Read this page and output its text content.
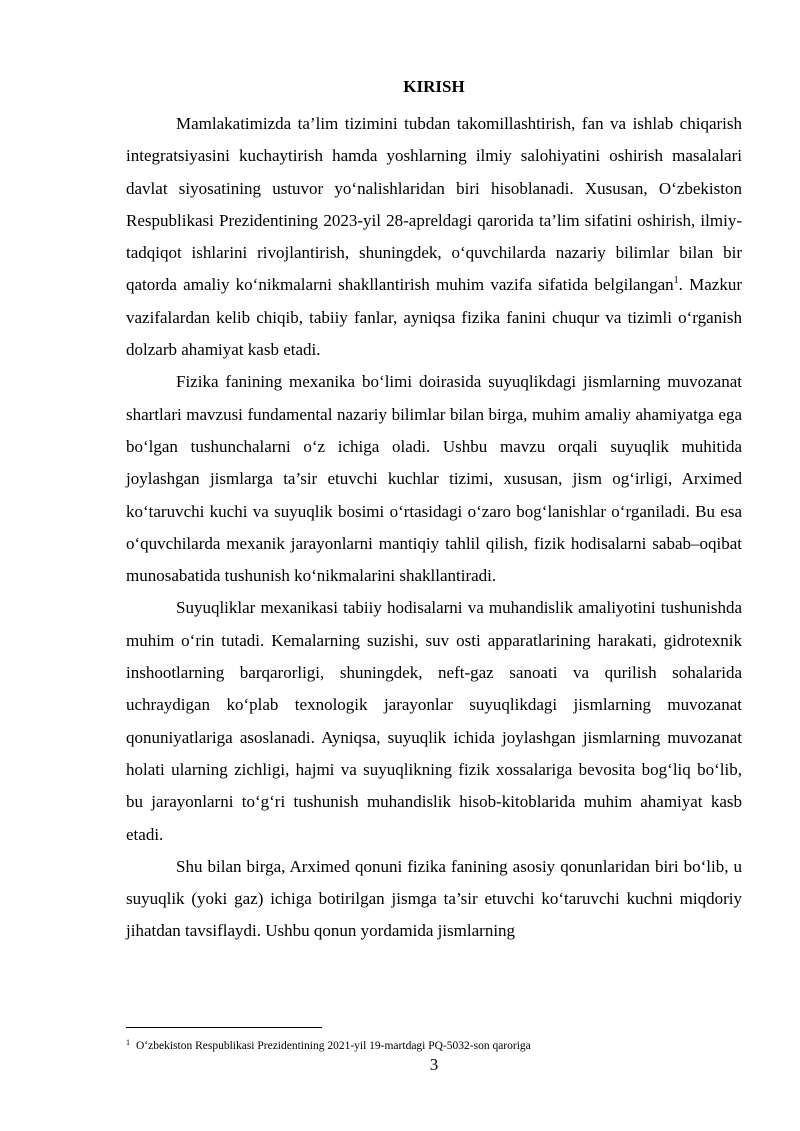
KIRISH

Mamlakatimizda ta’lim tizimini tubdan takomillashtirish, fan va ishlab chiqarish integratsiyasini kuchaytirish hamda yoshlarning ilmiy salohiyatini oshirish masalalari davlat siyosatining ustuvor yo‘nalishlaridan biri hisoblanadi. Xususan, O‘zbekiston Respublikasi Prezidentining 2023-yil 28-apreldagi qarorida ta’lim sifatini oshirish, ilmiy-tadqiqot ishlarini rivojlantirish, shuningdek, o‘quvchilarda nazariy bilimlar bilan bir qatorda amaliy ko‘nikmalarni shakllantirish muhim vazifa sifatida belgilangan$^1$. Mazkur vazifalardan kelib chiqib, tabiiy fanlar, ayniqsa fizika fanini chuqur va tizimli o‘rganish dolzarb ahamiyat kasb etadi.

Fizika fanining mexanika bo‘limi doirasida suyuqlikdagi jismlarning muvozanat shartlari mavzusi fundamental nazariy bilimlar bilan birga, muhim amaliy ahamiyatga ega bo‘lgan tushunchalarni o‘z ichiga oladi. Ushbu mavzu orqali suyuqlik muhitida joylashgan jismlarga ta’sir etuvchi kuchlar tizimi, xususan, jism og‘irligi, Arximed ko‘taruvchi kuchi va suyuqlik bosimi o‘rtasidagi o‘zaro bog‘lanishlar o‘rganiladi. Bu esa o‘quvchilarda mexanik jarayonlarni mantiqiy tahlil qilish, fizik hodisalarni sabab–oqibat munosabatida tushunish ko‘nikmalarini shakllantiradi.

Suyuqliklar mexanikasi tabiiy hodisalarni va muhandislik amaliyotini tushunishda muhim o‘rin tutadi. Kemalarning suzishi, suv osti apparatlarining harakati, gidrotexnik inshootlarning barqarorligi, shuningdek, neft-gaz sanoati va qurilish sohalarida uchraydigan ko‘plab texnologik jarayonlar suyuqlikdagi jismlarning muvozanat qonuniyatlariga asoslanadi. Ayniqsa, suyuqlik ichida joylashgan jismlarning muvozanat holati ularning zichligi, hajmi va suyuqlikning fizik xossalariga bevosita bog‘liq bo‘lib, bu jarayonlarni to‘g‘ri tushunish muhandislik hisob-kitoblarida muhim ahamiyat kasb etadi.

Shu bilan birga, Arximed qonuni fizika fanining asosiy qonunlaridan biri bo‘lib, u suyuqlik (yoki gaz) ichiga botirilgan jismga ta’sir etuvchi ko‘taruvchi kuchni miqdoriy jihatdan tavsiflaydi. Ushbu qonun yordamida jismlarning

$^1$ O‘zbekiston Respublikasi Prezidentining 2021-yil 19-martdagi PQ-5032-son qaroriga

3
